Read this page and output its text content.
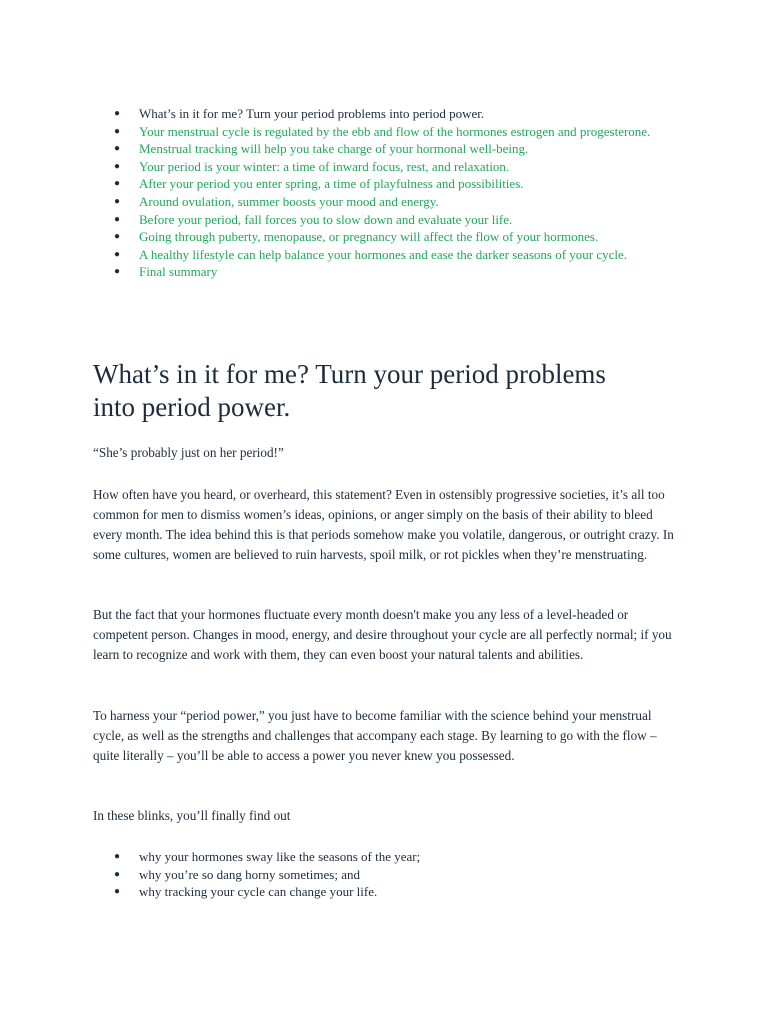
● What’s in it for me? Turn your period problems into period power.
● Your menstrual cycle is regulated by the ebb and flow of the hormones estrogen and progesterone.
● Menstrual tracking will help you take charge of your hormonal well-being.
● Your period is your winter: a time of inward focus, rest, and relaxation.
● After your period you enter spring, a time of playfulness and possibilities.
● Around ovulation, summer boosts your mood and energy.
● Before your period, fall forces you to slow down and evaluate your life.
● Going through puberty, menopause, or pregnancy will affect the flow of your hormones.
● A healthy lifestyle can help balance your hormones and ease the darker seasons of your cycle.
● Final summary
What’s in it for me? Turn your period problems into period power.

“She’s probably just on her period!”

How often have you heard, or overheard, this statement? Even in ostensibly progressive societies, it’s all too common for men to dismiss women’s ideas, opinions, or anger simply on the basis of their ability to bleed every month. The idea behind this is that periods somehow make you volatile, dangerous, or outright crazy. In some cultures, women are believed to ruin harvests, spoil milk, or rot pickles when they’re menstruating.

But the fact that your hormones fluctuate every month doesn't make you any less of a level-headed or competent person. Changes in mood, energy, and desire throughout your cycle are all perfectly normal; if you learn to recognize and work with them, they can even boost your natural talents and abilities.

To harness your “period power,” you just have to become familiar with the science behind your menstrual cycle, as well as the strengths and challenges that accompany each stage. By learning to go with the flow – quite literally – you’ll be able to access a power you never knew you possessed.

In these blinks, you’ll finally find out

● why your hormones sway like the seasons of the year;
● why you’re so dang horny sometimes; and
● why tracking your cycle can change your life.
